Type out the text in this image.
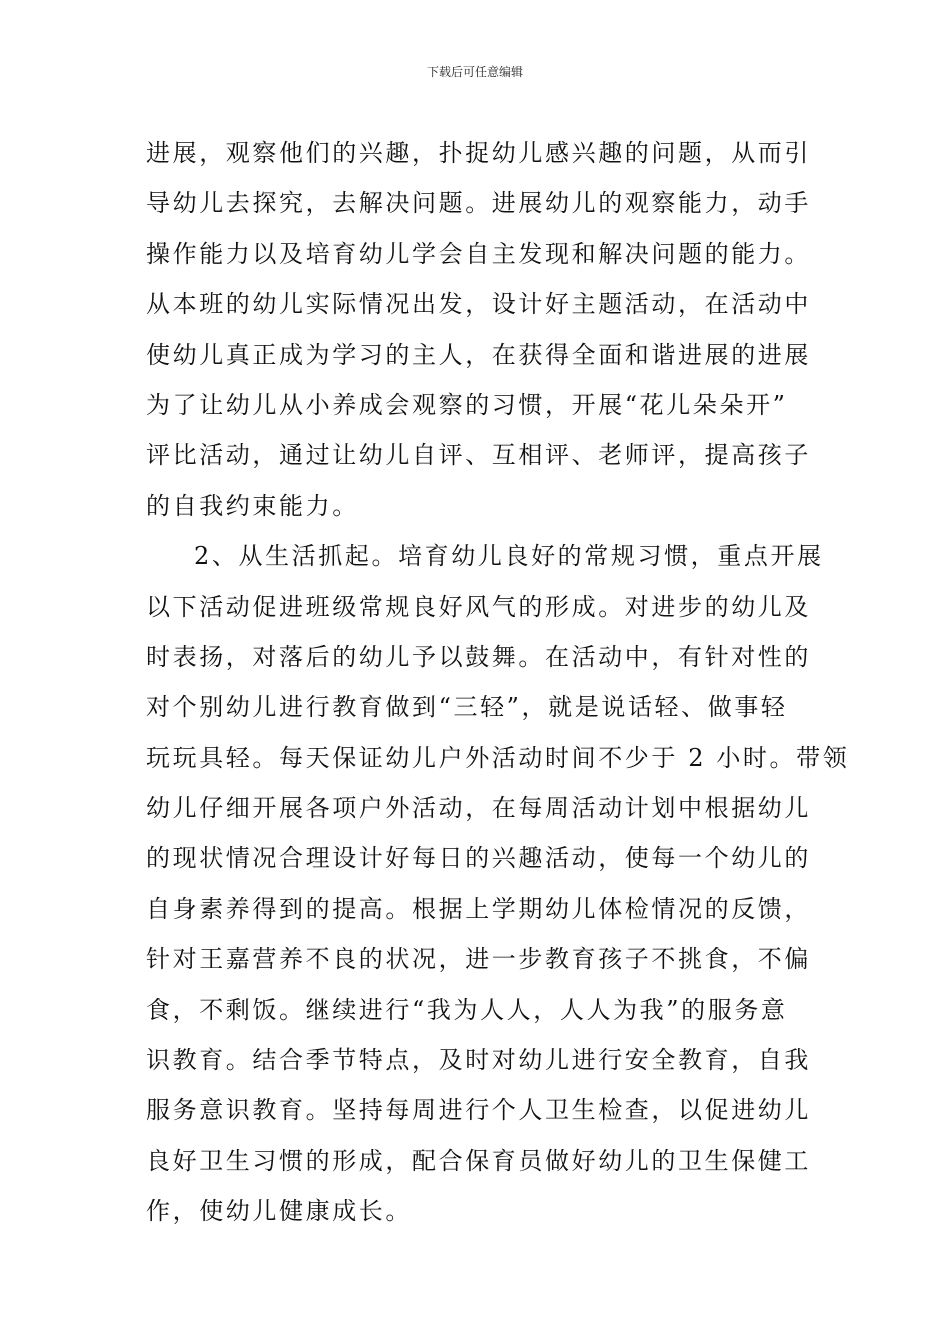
下载后可任意编辑
进展，观察他们的兴趣，扑捉幼儿感兴趣的问题，从而引
导幼儿去探究，去解决问题。进展幼儿的观察能力，动手
操作能力以及培育幼儿学会自主发现和解决问题的能力。
从本班的幼儿实际情况出发，设计好主题活动，在活动中
使幼儿真正成为学习的主人，在获得全面和谐进展的进展
为了让幼儿从小养成会观察的习惯，开展“花儿朵朵开”
评比活动，通过让幼儿自评、互相评、老师评，提高孩子
的自我约束能力。
2、从生活抓起。培育幼儿良好的常规习惯，重点开展
以下活动促进班级常规良好风气的形成。对进步的幼儿及
时表扬，对落后的幼儿予以鼓舞。在活动中，有针对性的
对个别幼儿进行教育做到“三轻”，就是说话轻、做事轻
玩玩具轻。每天保证幼儿户外活动时间不少于 2 小时。带领
幼儿仔细开展各项户外活动，在每周活动计划中根据幼儿
的现状情况合理设计好每日的兴趣活动，使每一个幼儿的
自身素养得到的提高。根据上学期幼儿体检情况的反馈，
针对王嘉营养不良的状况，进一步教育孩子不挑食，不偏
食，不剩饭。继续进行“我为人人，人人为我”的服务意
识教育。结合季节特点，及时对幼儿进行安全教育，自我
服务意识教育。坚持每周进行个人卫生检查，以促进幼儿
良好卫生习惯的形成，配合保育员做好幼儿的卫生保健工
作，使幼儿健康成长。
